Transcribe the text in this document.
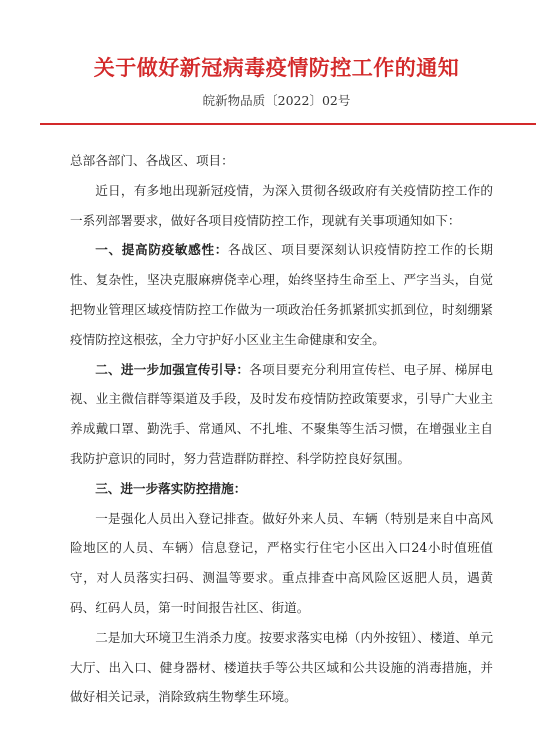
关于做好新冠病毒疫情防控工作的通知
皖新物品质〔2022〕02号

总部各部门、各战区、项目：

近日，有多地出现新冠疫情，为深入贯彻各级政府有关疫情防控工作的一系列部署要求，做好各项目疫情防控工作，现就有关事项通知如下：

一、提高防疫敏感性：各战区、项目要深刻认识疫情防控工作的长期性、复杂性，坚决克服麻痹侥幸心理，始终坚持生命至上、严字当头，自觉把物业管理区域疫情防控工作做为一项政治任务抓紧抓实抓到位，时刻绷紧疫情防控这根弦，全力守护好小区业主生命健康和安全。

二、进一步加强宣传引导：各项目要充分利用宣传栏、电子屏、梯屏电视、业主微信群等渠道及手段，及时发布疫情防控政策要求，引导广大业主养成戴口罩、勤洗手、常通风、不扎堆、不聚集等生活习惯，在增强业主自我防护意识的同时，努力营造群防群控、科学防控良好氛围。

三、进一步落实防控措施：

一是强化人员出入登记排查。做好外来人员、车辆（特别是来自中高风险地区的人员、车辆）信息登记，严格实行住宅小区出入口24小时值班值守，对人员落实扫码、测温等要求。重点排查中高风险区返肥人员，遇黄码、红码人员，第一时间报告社区、街道。

二是加大环境卫生消杀力度。按要求落实电梯（内外按钮）、楼道、单元大厅、出入口、健身器材、楼道扶手等公共区域和公共设施的消毒措施，并做好相关记录，消除致病生物孳生环境。
